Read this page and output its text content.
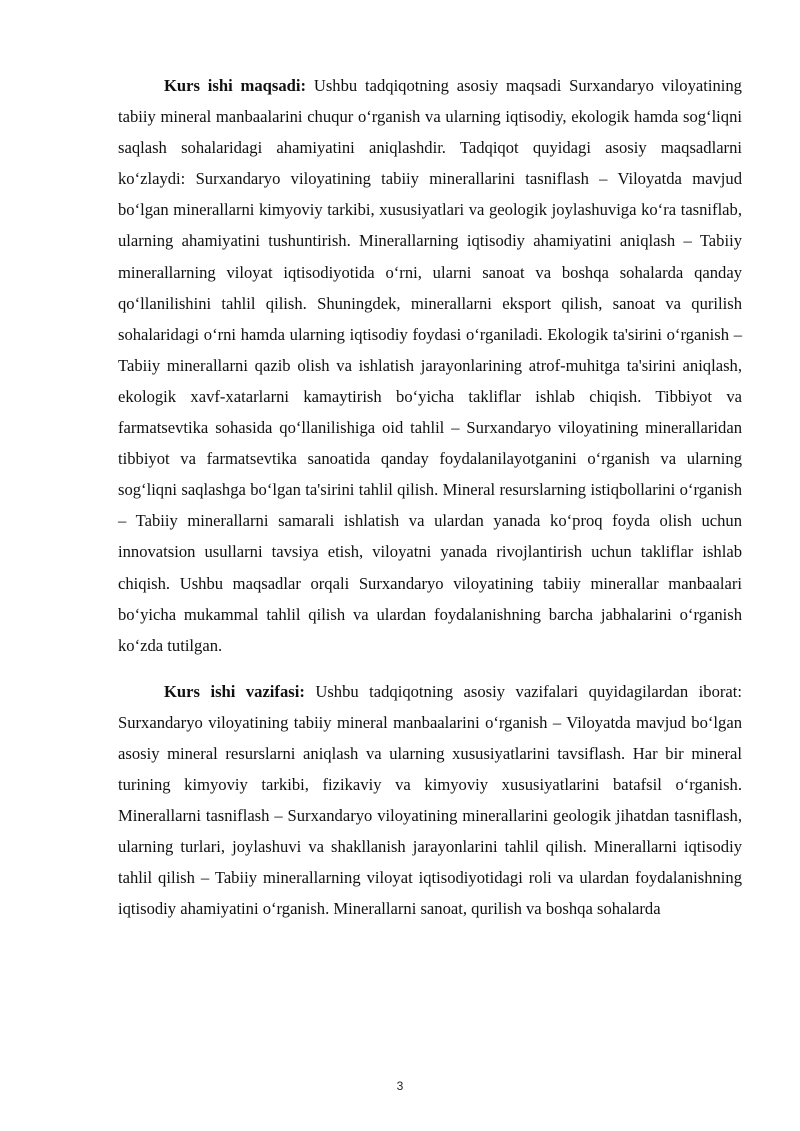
Kurs ishi maqsadi: Ushbu tadqiqotning asosiy maqsadi Surxandaryo viloyatining tabiiy mineral manbaalarini chuqur oʻrganish va ularning iqtisodiy, ekologik hamda sogʻliqni saqlash sohalaridagi ahamiyatini aniqlashdir. Tadqiqot quyidagi asosiy maqsadlarni koʻzlaydi: Surxandaryo viloyatining tabiiy minerallarini tasniflash – Viloyatda mavjud boʻlgan minerallarni kimyoviy tarkibi, xususiyatlari va geologik joylashuviga koʻra tasniflab, ularning ahamiyatini tushuntirish. Minerallarning iqtisodiy ahamiyatini aniqlash – Tabiiy minerallarning viloyat iqtisodiyotida oʻrni, ularni sanoat va boshqa sohalarda qanday qoʻllanilishini tahlil qilish. Shuningdek, minerallarni eksport qilish, sanoat va qurilish sohalaridagi oʻrni hamda ularning iqtisodiy foydasi oʻrganiladi. Ekologik ta'sirini oʻrganish – Tabiiy minerallarni qazib olish va ishlatish jarayonlarining atrof-muhitga ta'sirini aniqlash, ekologik xavf-xatarlarni kamaytirish boʻyicha takliflar ishlab chiqish. Tibbiyot va farmatsevtika sohasida qoʻllanilishiga oid tahlil – Surxandaryo viloyatining minerallaridan tibbiyot va farmatsevtika sanoatida qanday foydalanilayotganini oʻrganish va ularning sogʻliqni saqlashga boʻlgan ta'sirini tahlil qilish. Mineral resurslarning istiqbollarini oʻrganish – Tabiiy minerallarni samarali ishlatish va ulardan yanada koʻproq foyda olish uchun innovatsion usullarni tavsiya etish, viloyatni yanada rivojlantirish uchun takliflar ishlab chiqish. Ushbu maqsadlar orqali Surxandaryo viloyatining tabiiy minerallar manbaalari boʻyicha mukammal tahlil qilish va ulardan foydalanishning barcha jabhalarini oʻrganish koʻzda tutilgan.

Kurs ishi vazifasi: Ushbu tadqiqotning asosiy vazifalari quyidagilardan iborat: Surxandaryo viloyatining tabiiy mineral manbaalarini oʻrganish – Viloyatda mavjud boʻlgan asosiy mineral resurslarni aniqlash va ularning xususiyatlarini tavsiflash. Har bir mineral turining kimyoviy tarkibi, fizikaviy va kimyoviy xususiyatlarini batafsil oʻrganish. Minerallarni tasniflash – Surxandaryo viloyatining minerallarini geologik jihatdan tasniflash, ularning turlari, joylashuvi va shakllanish jarayonlarini tahlil qilish. Minerallarni iqtisodiy tahlil qilish – Tabiiy minerallarning viloyat iqtisodiyotidagi roli va ulardan foydalanishning iqtisodiy ahamiyatini oʻrganish. Minerallarni sanoat, qurilish va boshqa sohalarda

3
